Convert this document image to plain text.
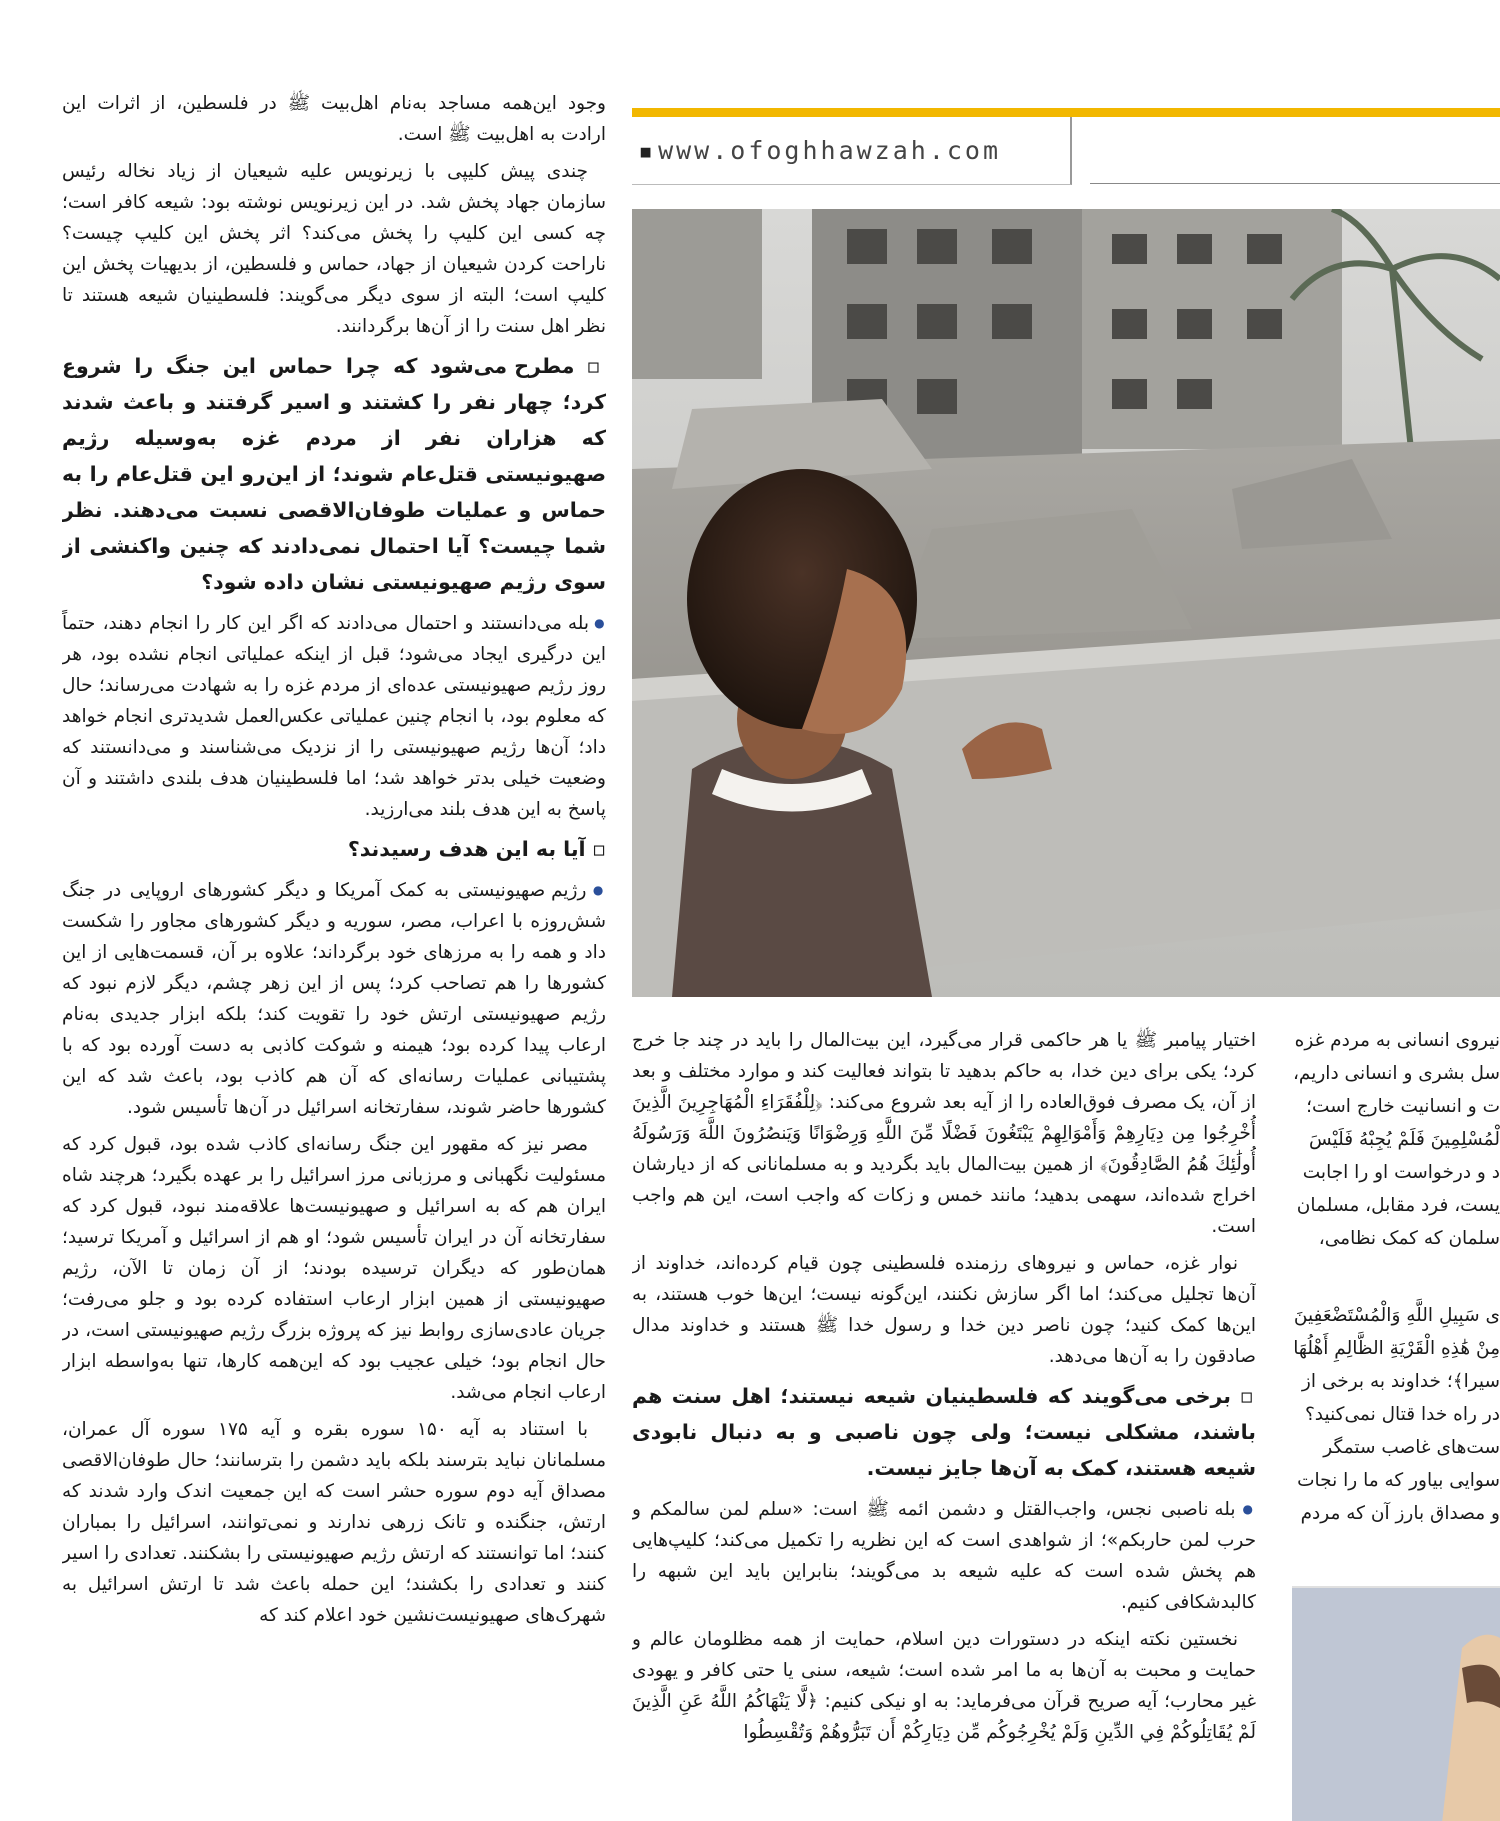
▪ www.ofoghhawzah.com

وجود این‌همه مساجد به‌نام اهل‌بیت ﷺ در فلسطین، از اثرات این ارادت به اهل‌بیت ﷺ است.

چندی پیش کلیپی با زیرنویس علیه شیعیان از زیاد نخاله رئیس سازمان جهاد پخش شد. در این زیرنویس نوشته بود: شیعه کافر است؛ چه کسی این کلیپ را پخش می‌کند؟ اثر پخش این کلیپ چیست؟ ناراحت کردن شیعیان از جهاد، حماس و فلسطین، از بدیهیات پخش این کلیپ است؛ البته از سوی دیگر می‌گویند: فلسطینیان شیعه هستند تا نظر اهل سنت را از آن‌ها برگردانند.

▫ مطرح می‌شود که چرا حماس این جنگ را شروع کرد؛ چهار نفر را کشتند و اسیر گرفتند و باعث شدند که هزاران نفر از مردم غزه به‌وسیله رژیم صهیونیستی قتل‌عام شوند؛ از این‌رو این قتل‌عام را به حماس و عملیات طوفان‌الاقصی نسبت می‌دهند. نظر شما چیست؟ آیا احتمال نمی‌دادند که چنین واکنشی از سوی رژیم صهیونیستی نشان داده شود؟

● بله می‌دانستند و احتمال می‌دادند که اگر این کار را انجام دهند، حتماً این درگیری ایجاد می‌شود؛ قبل از اینکه عملیاتی انجام نشده بود، هر روز رژیم صهیونیستی عده‌ای از مردم غزه را به شهادت می‌رساند؛ حال که معلوم بود، با انجام چنین عملیاتی عکس‌العمل شدیدتری انجام خواهد داد؛ آن‌ها رژیم صهیونیستی را از نزدیک می‌شناسند و می‌دانستند که وضعیت خیلی بدتر خواهد شد؛ اما فلسطینیان هدف بلندی داشتند و آن پاسخ به این هدف بلند می‌ارزید.

▫ آیا به این هدف رسیدند؟

● رژیم صهیونیستی به کمک آمریکا و دیگر کشورهای اروپایی در جنگ شش‌روزه با اعراب، مصر، سوریه و دیگر کشورهای مجاور را شکست داد و همه را به مرزهای خود برگرداند؛ علاوه بر آن، قسمت‌هایی از این کشورها را هم تصاحب کرد؛ پس از این زهر چشم، دیگر لازم نبود که رژیم صهیونیستی ارتش خود را تقویت کند؛ بلکه ابزار جدیدی به‌نام ارعاب پیدا کرده بود؛ هیمنه و شوکت کاذبی به دست آورده بود که با پشتیبانی عملیات رسانه‌ای که آن هم کاذب بود، باعث شد که این کشورها حاضر شوند، سفارتخانه اسرائیل در آن‌ها تأسیس شود.

مصر نیز که مقهور این جنگ رسانه‌ای کاذب شده بود، قبول کرد که مسئولیت نگهبانی و مرزبانی مرز اسرائیل را بر عهده بگیرد؛ هرچند شاه ایران هم که به اسرائیل و صهیونیست‌ها علاقه‌مند نبود، قبول کرد که سفارتخانه آن در ایران تأسیس شود؛ او هم از اسرائیل و آمریکا ترسید؛ همان‌طور که دیگران ترسیده بودند؛ از آن زمان تا الآن، رژیم صهیونیستی از همین ابزار ارعاب استفاده کرده بود و جلو می‌رفت؛ جریان عادی‌سازی روابط نیز که پروژه بزرگ رژیم صهیونیستی است، در حال انجام بود؛ خیلی عجیب بود که این‌همه کارها، تنها به‌واسطه ابزار ارعاب انجام می‌شد.

با استناد به آیه ۱۵۰ سوره بقره و آیه ۱۷۵ سوره آل عمران، مسلمانان نباید بترسند بلکه باید دشمن را بترسانند؛ حال طوفان‌الاقصی مصداق آیه دوم سوره حشر است که این جمعیت اندک وارد شدند که ارتش، جنگنده و تانک زرهی ندارند و نمی‌توانند، اسرائیل را بمباران کنند؛ اما توانستند که ارتش رژیم صهیونیستی را بشکنند. تعدادی را اسیر کنند و تعدادی را بکشند؛ این حمله باعث شد تا ارتش اسرائیل به شهرک‌های صهیونیست‌نشین خود اعلام کند که

اختیار پیامبر ﷺ یا هر حاکمی قرار می‌گیرد، این بیت‌المال را باید در چند جا خرج کرد؛ یکی برای دین خدا، به حاکم بدهید تا بتواند فعالیت کند و موارد مختلف و بعد از آن، یک مصرف فوق‌العاده را از آیه بعد شروع می‌کند: ﴿لِلْفُقَرَاءِ الْمُهَاجِرِينَ الَّذِينَ أُخْرِجُوا مِن دِيَارِهِمْ وَأَمْوَالِهِمْ يَبْتَغُونَ فَضْلًا مِّنَ اللَّهِ وَرِضْوَانًا وَيَنصُرُونَ اللَّهَ وَرَسُولَهُ أُولَٰئِكَ هُمُ الصَّادِقُونَ﴾ از همین بیت‌المال باید بگردید و به مسلمانانی که از دیارشان اخراج شده‌اند، سهمی بدهید؛ مانند خمس و زکات که واجب است، این هم واجب است.

نوار غزه، حماس و نیروهای رزمنده فلسطینی چون قیام کرده‌اند، خداوند از آن‌ها تجلیل می‌کند؛ اما اگر سازش نکنند، این‌گونه نیست؛ این‌ها خوب هستند، به این‌ها کمک کنید؛ چون ناصر دین خدا و رسول خدا ﷺ هستند و خداوند مدال صادقون را به آن‌ها می‌دهد.

▫ برخی می‌گویند که فلسطینیان شیعه نیستند؛ اهل سنت هم باشند، مشکلی نیست؛ ولی چون ناصبی و به دنبال نابودی شیعه هستند، کمک به آن‌ها جایز نیست.

● بله ناصبی نجس، واجب‌القتل و دشمن ائمه ﷺ است: «سلم لمن سالمکم و حرب لمن حاربکم»؛ از شواهدی است که این نظریه را تکمیل می‌کند؛ کلیپ‌هایی هم پخش شده است که علیه شیعه بد می‌گویند؛ بنابراین باید این شبهه را کالبدشکافی کنیم.

نخستین نکته اینکه در دستورات دین اسلام، حمایت از همه مظلومان عالم و حمایت و محبت به آن‌ها به ما امر شده است؛ شیعه، سنی یا حتی کافر و یهودی غیر محارب؛ آیه صریح قرآن می‌فرماید: به او نیکی کنیم: ﴿لَّا يَنْهَاكُمُ اللَّهُ عَنِ الَّذِينَ لَمْ يُقَاتِلُوكُمْ فِي الدِّينِ وَلَمْ يُخْرِجُوكُم مِّن دِيَارِكُمْ أَن تَبَرُّوهُمْ وَتُقْسِطُوا

نیروی انسانی به مردم غزه
سل بشری و انسانی داریم،
ت و انسانیت خارج است؛
لْمُسْلِمِينَ فَلَمْ يُجِبْهُ فَلَيْسَ
د و درخواست او را اجابت
یست، فرد مقابل، مسلمان
سلمان که کمک نظامی،
ى سَبِيلِ اللَّهِ وَالْمُسْتَضْعَفِينَ
مِنْ هَٰذِهِ الْقَرْيَةِ الظَّالِمِ أَهْلُهَا
سيرا﴾؛ خداوند به برخی از
در راه خدا قتال نمی‌کنید؟
ست‌های غاصب ستمگر
سوایی بیاور که ما را نجات
و مصداق بارز آن که مردم
